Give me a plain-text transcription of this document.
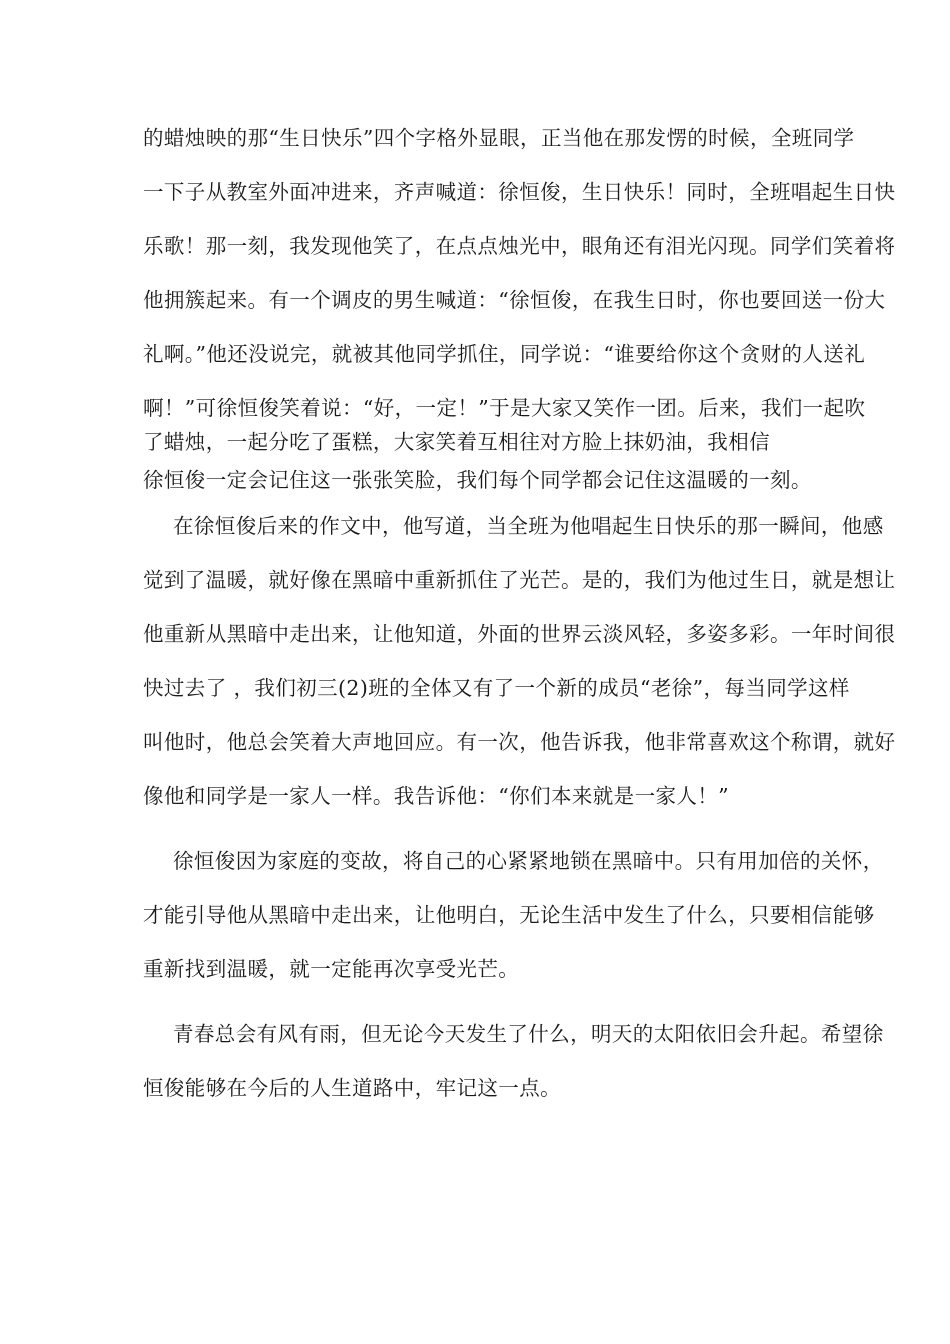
的蜡烛映的那“生日快乐”四个字格外显眼，正当他在那发愣的时候，全班同学
一下子从教室外面冲进来，齐声喊道：徐恒俊，生日快乐！同时，全班唱起生日快
乐歌！那一刻，我发现他笑了，在点点烛光中，眼角还有泪光闪现。同学们笑着将
他拥簇起来。有一个调皮的男生喊道：“徐恒俊，在我生日时，你也要回送一份大
礼啊。”他还没说完，就被其他同学抓住，同学说：“谁要给你这个贪财的人送礼
啊！”可徐恒俊笑着说：“好，一定！”于是大家又笑作一团。后来，我们一起吹
了蜡烛，一起分吃了蛋糕，大家笑着互相往对方脸上抹奶油，我相信
徐恒俊一定会记住这一张张笑脸，我们每个同学都会记住这温暖的一刻。
在徐恒俊后来的作文中，他写道，当全班为他唱起生日快乐的那一瞬间，他感
觉到了温暖，就好像在黑暗中重新抓住了光芒。是的，我们为他过生日，就是想让
他重新从黑暗中走出来，让他知道，外面的世界云淡风轻，多姿多彩。一年时间很
快过去了 ，我们初三(2)班的全体又有了一个新的成员“老徐”，每当同学这样
叫他时，他总会笑着大声地回应。有一次，他告诉我，他非常喜欢这个称谓，就好
像他和同学是一家人一样。我告诉他：“你们本来就是一家人！”
徐恒俊因为家庭的变故，将自己的心紧紧地锁在黑暗中。只有用加倍的关怀，
才能引导他从黑暗中走出来，让他明白，无论生活中发生了什么，只要相信能够
重新找到温暖，就一定能再次享受光芒。
青春总会有风有雨，但无论今天发生了什么，明天的太阳依旧会升起。希望徐
恒俊能够在今后的人生道路中，牢记这一点。
